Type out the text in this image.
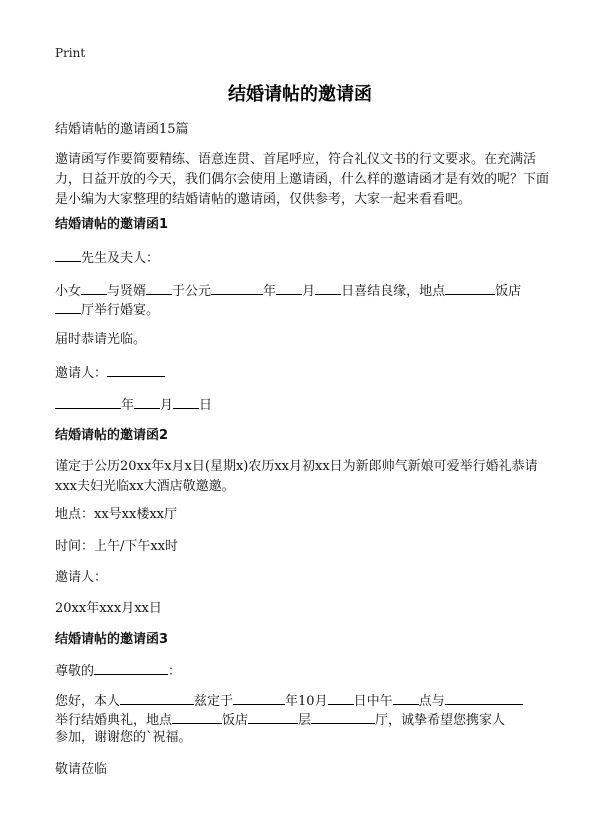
Print
结婚请帖的邀请函
结婚请帖的邀请函15篇
邀请函写作要简要精练、语意连贯、首尾呼应，符合礼仪文书的行文要求。在充满活力，日益开放的今天，我们偶尔会使用上邀请函，什么样的邀请函才是有效的呢？下面是小编为大家整理的结婚请帖的邀请函，仅供参考，大家一起来看看吧。
结婚请帖的邀请函1
先生及夫人：
小女 与贤婿 于公元	年 月 日喜结良缘，地点	饭店
厅举行婚宴。
届时恭请光临。
邀请人：
年 月 日
结婚请帖的邀请函2
谨定于公历20xx年x月x日(星期x)农历xx月初xx日为新郎帅气新娘可爱举行婚礼恭请xxx夫妇光临xx大酒店敬邀邀。
地点：xx号xx楼xx厅
时间：上午/下午xx时
邀请人：
20xx年xxx月xx日
结婚请帖的邀请函3
尊敬的	：
您好，本人	兹定于	年10月 日中午 点与
举行结婚典礼，地点	饭店	层	厅，诚挚希望您携家人
参加，谢谢您的`祝福。
敬请莅临
